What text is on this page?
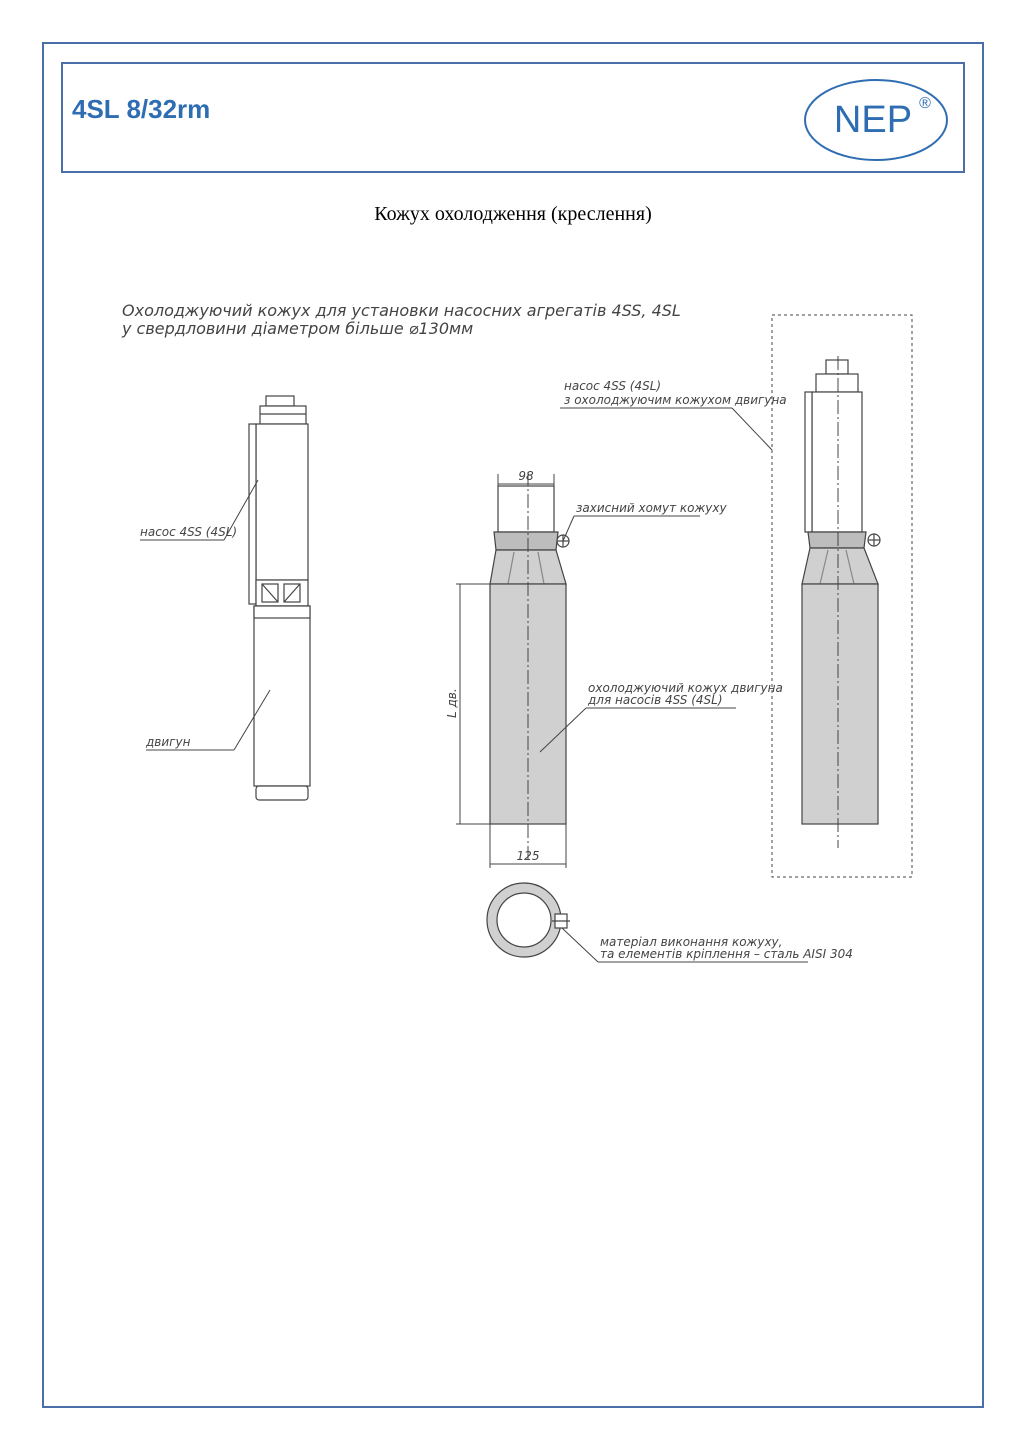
4SL 8/32rm	NEP ®
Кожух охолодження (креслення)
Охолоджуючий кожух для установки насосних агрегатів 4SS, 4SL
у свердловини діаметром більше ⌀130мм
насос 4SS (4SL)
двигун
98
125
L дв.
захисний хомут кожуху
охолоджуючий кожух двигуна
для насосів 4SS (4SL)
матеріал виконання кожуху,
та елементів кріплення – сталь AISI 304
насос 4SS (4SL)
з охолоджуючим кожухом двигуна
